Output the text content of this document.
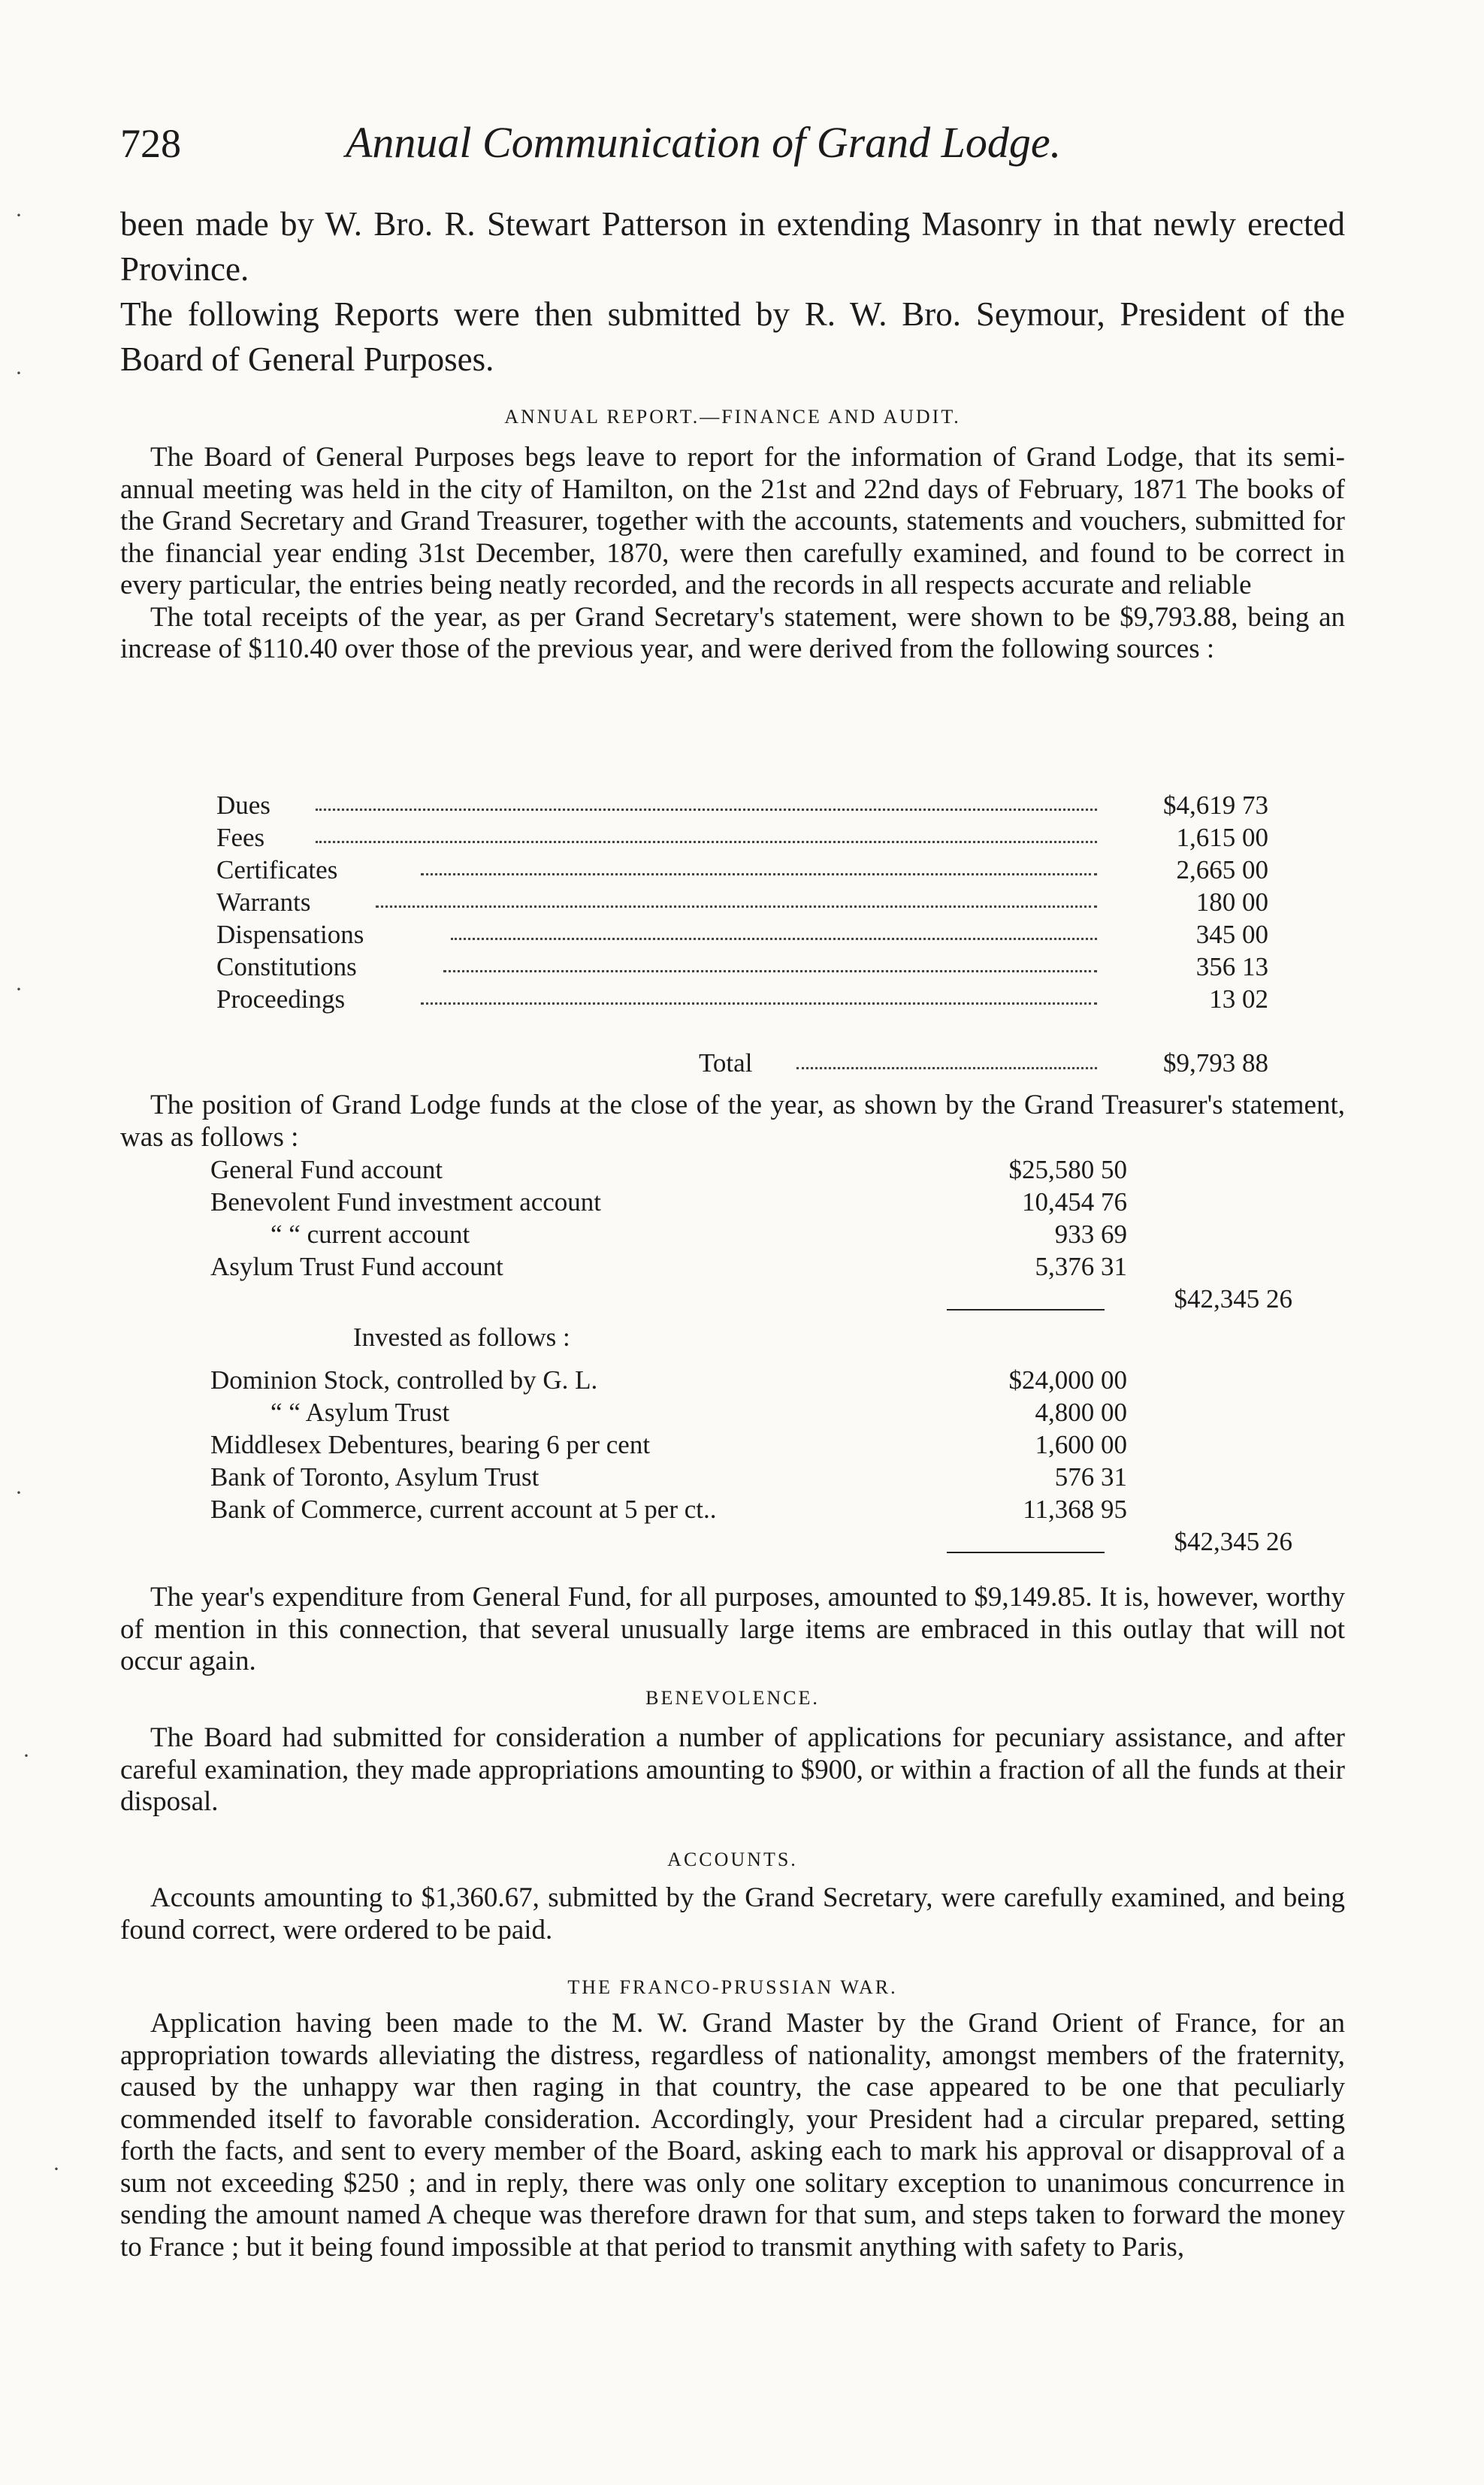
728	Annual Communication of Grand Lodge.

been made by W. Bro. R. Stewart Patterson in extending Masonry in that newly erected Province.

The following Reports were then submitted by R. W. Bro. Seymour, President of the Board of General Purposes.

ANNUAL REPORT.—FINANCE AND AUDIT.

The Board of General Purposes begs leave to report for the information of Grand Lodge, that its semi-annual meeting was held in the city of Hamilton, on the 21st and 22nd days of February, 1871 The books of the Grand Secretary and Grand Treasurer, together with the accounts, statements and vouchers, submitted for the financial year ending 31st December, 1870, were then carefully examined, and found to be correct in every particular, the entries being neatly recorded, and the records in all respects accurate and reliable

The total receipts of the year, as per Grand Secretary's statement, were shown to be $9,793.88, being an increase of $110.40 over those of the previous year, and were derived from the following sources :

Dues	$4,619 73
Fees	1,615 00
Certificates	2,665 00
Warrants	180 00
Dispensations	345 00
Constitutions	356 13
Proceedings	13 02
Total	$9,793 88

The position of Grand Lodge funds at the close of the year, as shown by the Grand Treasurer's statement, was as follows :

General Fund account	$25,580 50
Benevolent Fund investment account	10,454 76
“ “ current account	933 69
Asylum Trust Fund account	5,376 31
$42,345 26
Invested as follows :
Dominion Stock, controlled by G. L.	$24,000 00
“ “ Asylum Trust	4,800 00
Middlesex Debentures, bearing 6 per cent	1,600 00
Bank of Toronto, Asylum Trust	576 31
Bank of Commerce, current account at 5 per ct..	11,368 95
$42,345 26

The year's expenditure from General Fund, for all purposes, amounted to $9,149.85. It is, however, worthy of mention in this connection, that several unusually large items are embraced in this outlay that will not occur again.

BENEVOLENCE.

The Board had submitted for consideration a number of applications for pecuniary assistance, and after careful examination, they made appropriations amounting to $900, or within a fraction of all the funds at their disposal.

ACCOUNTS.

Accounts amounting to $1,360.67, submitted by the Grand Secretary, were carefully examined, and being found correct, were ordered to be paid.

THE FRANCO-PRUSSIAN WAR.

Application having been made to the M. W. Grand Master by the Grand Orient of France, for an appropriation towards alleviating the distress, regardless of nationality, amongst members of the fraternity, caused by the unhappy war then raging in that country, the case appeared to be one that peculiarly commended itself to favorable consideration. Accordingly, your President had a circular prepared, setting forth the facts, and sent to every member of the Board, asking each to mark his approval or disapproval of a sum not exceeding $250 ; and in reply, there was only one solitary exception to unanimous concurrence in sending the amount named A cheque was therefore drawn for that sum, and steps taken to forward the money to France ; but it being found impossible at that period to transmit anything with safety to Paris,

·
·
·
·
·
·
